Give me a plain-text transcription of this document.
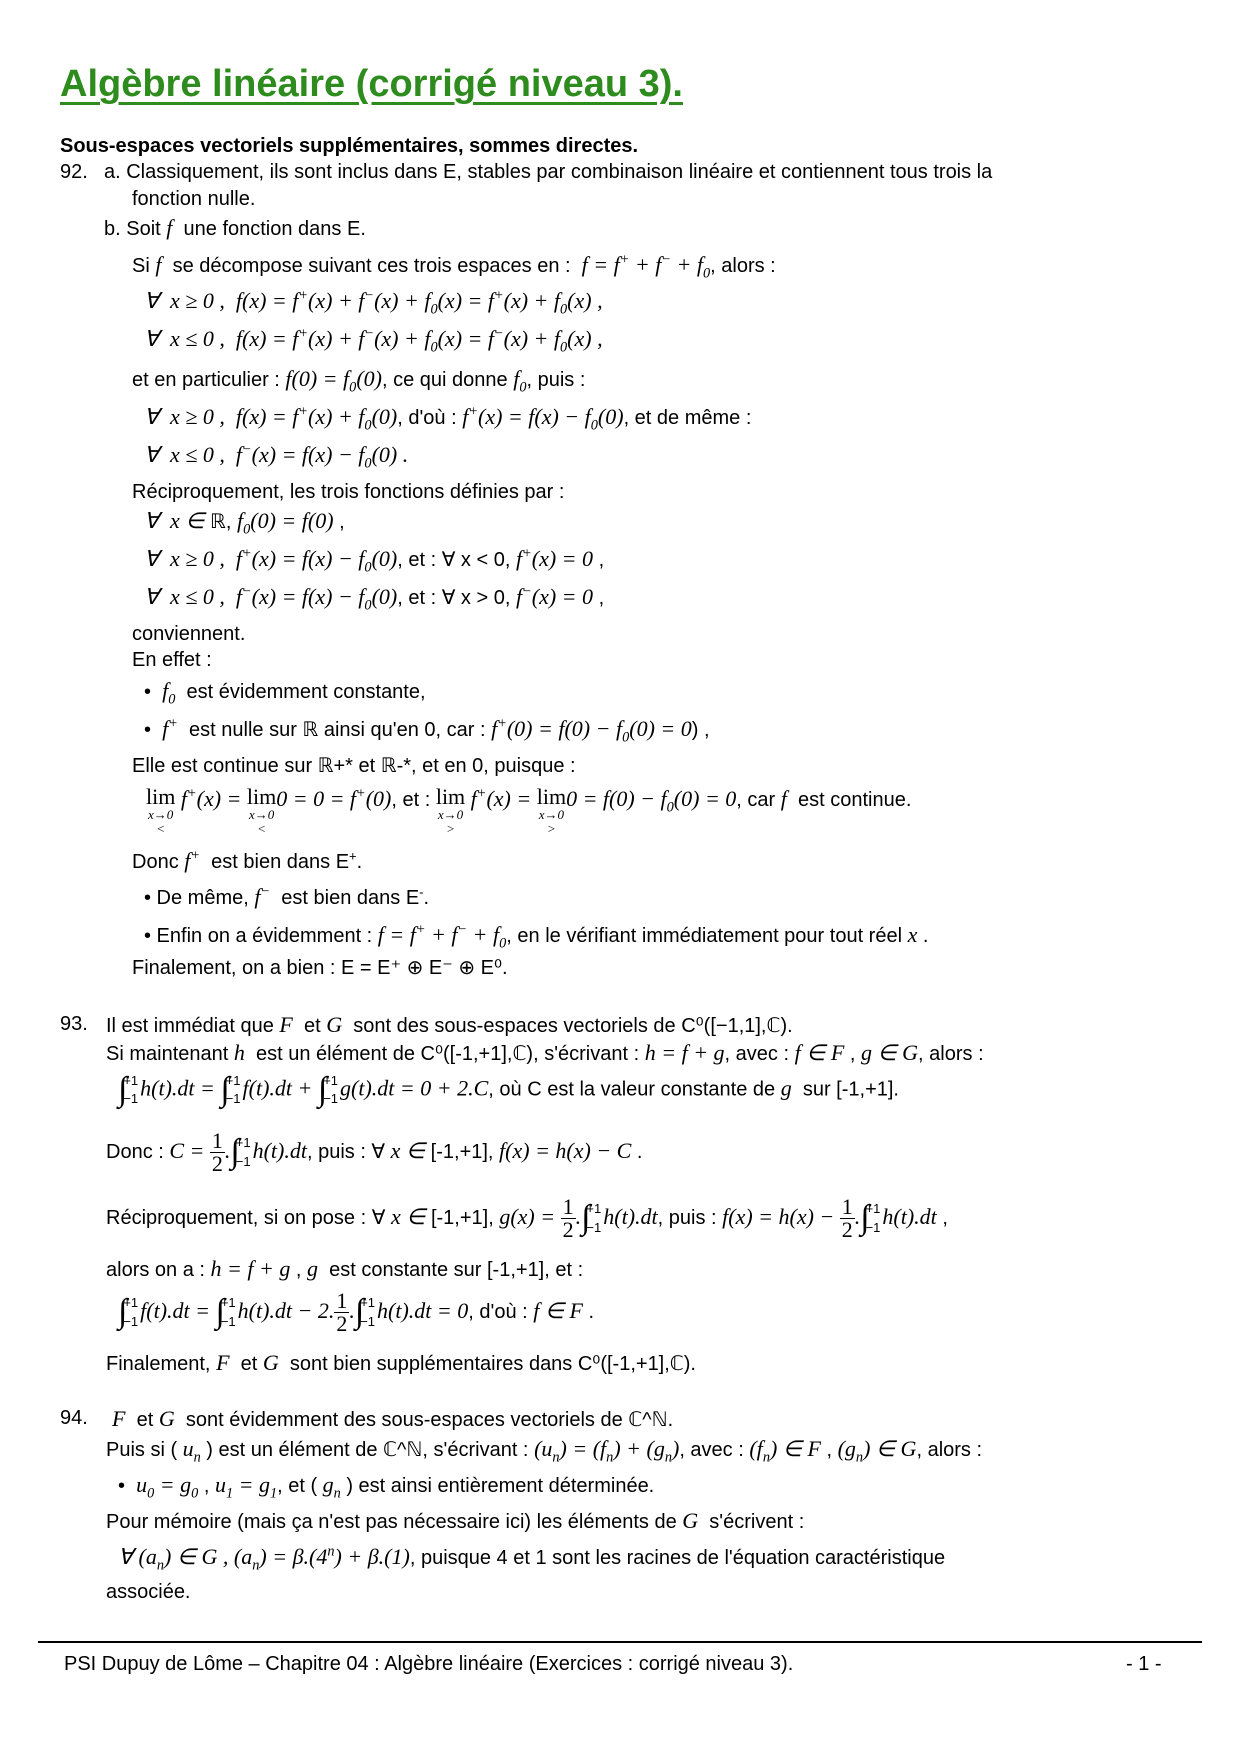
Algèbre linéaire (corrigé niveau 3).
Sous-espaces vectoriels supplémentaires, sommes directes.
92. a. Classiquement, ils sont inclus dans E, stables par combinaison linéaire et contiennent tous trois la
fonction nulle.
b. Soit f une fonction dans E.
Si f se décompose suivant ces trois espaces en :  $f = f^+ + f^- + f_0$, alors :
∀  x ≥ 0 ,  $f(x) = f^+(x) + f^-(x) + f_0(x) = f^+(x) + f_0(x)$ ,
∀  x ≤ 0 ,  $f(x) = f^+(x) + f^-(x) + f_0(x) = f^-(x) + f_0(x)$ ,
et en particulier : $f(0) = f_0(0)$, ce qui donne $f_0$, puis :
∀  x ≥ 0 ,  $f(x) = f^+(x) + f_0(0)$, d'où : $f^+(x) = f(x) - f_0(0)$, et de même :
∀  x ≤ 0 ,  $f^-(x) = f(x) - f_0(0)$ .
Réciproquement, les trois fonctions définies par :
∀  x ∈ ℝ, $f_0(0) = f(0)$ ,
∀  x ≥ 0 ,  $f^+(x) = f(x) - f_0(0)$, et : ∀ x < 0, f+(x) = 0 ,
∀  x ≤ 0 ,  $f^-(x) = f(x) - f_0(0)$, et : ∀ x > 0, f−(x) = 0 ,
conviennent.
En effet :
•  $f_0$ est évidemment constante,
•  f+ est nulle sur ℝ ainsi qu'en 0, car : $f^+(0) = f(0) - f_0(0) = 0$) ,
Elle est continue sur ℝ+* et ℝ-*, et en 0, puisque :
lim
x→0
<
f+(x) = lim
x→0
<
0 = 0 = f+(0), et : lim
x→0
>
f+(x) = lim
x→0
>
$0 = f(0) - f_0(0) = 0$, car f est continue.
Donc f+ est bien dans E+.
• De même, f− est bien dans E-.
• Enfin on a évidemment : $f = f^+ + f^- + f_0$, en le vérifiant immédiatement pour tout réel x .
Finalement, on a bien : E = E⁺ ⊕ E⁻ ⊕ E⁰.
93. Il est immédiat que F et G sont des sous-espaces vectoriels de C⁰([−1,1],ℂ).
Si maintenant h est un élément de C⁰([-1,+1],ℂ), s'écrivant : h = f + g, avec : f ∈ F , g ∈ G, alors :
∫
+1
−1 h(t).dt = ∫
+1
−1 f(t).dt + ∫
+1
−1 g(t).dt = 0 + 2.C, où C est la valeur constante de g sur [-1,+1].
Donc : $C = \frac{1}{2}$ .∫
+1
−1 h(t).dt, puis : ∀ x ∈ [-1,+1], f(x) = h(x) − C .
Réciproquement, si on pose : ∀ x ∈ [-1,+1], $g(x) = \frac{1}{2}$ .∫
+1
−1 h(t).dt, puis : $f(x) = h(x) - \frac{1}{2}$ .∫
+1
−1 h(t).dt ,
alors on a : h = f + g , g est constante sur [-1,+1], et :
∫
+1
−1 f(t).dt = ∫
+1
−1 h(t).dt − 2. $\frac{1}{2}$ .∫
+1
−1 h(t).dt = 0, d'où : f ∈ F .
Finalement, F et G sont bien supplémentaires dans C⁰([-1,+1],ℂ).
94. F et G sont évidemment des sous-espaces vectoriels de ℂ^ℕ.
Puis si ( $u_n$ ) est un élément de ℂ^ℕ, s'écrivant : $(u_n) = (f_n) + (g_n)$, avec : $(f_n)$ ∈ F , $(g_n)$ ∈ G, alors :
•  $u_0 = g_0$ , $u_1 = g_1$, et ( $g_n$ ) est ainsi entièrement déterminée.
Pour mémoire (mais ça n'est pas nécessaire ici) les éléments de G s'écrivent :
∀ $(a_n)$ ∈ G , $(a_n) = \beta.(4^n) + \beta.(1)$, puisque 4 et 1 sont les racines de l'équation caractéristique
associée.
PSI Dupuy de Lôme – Chapitre 04 : Algèbre linéaire (Exercices : corrigé niveau 3).	- 1 -
